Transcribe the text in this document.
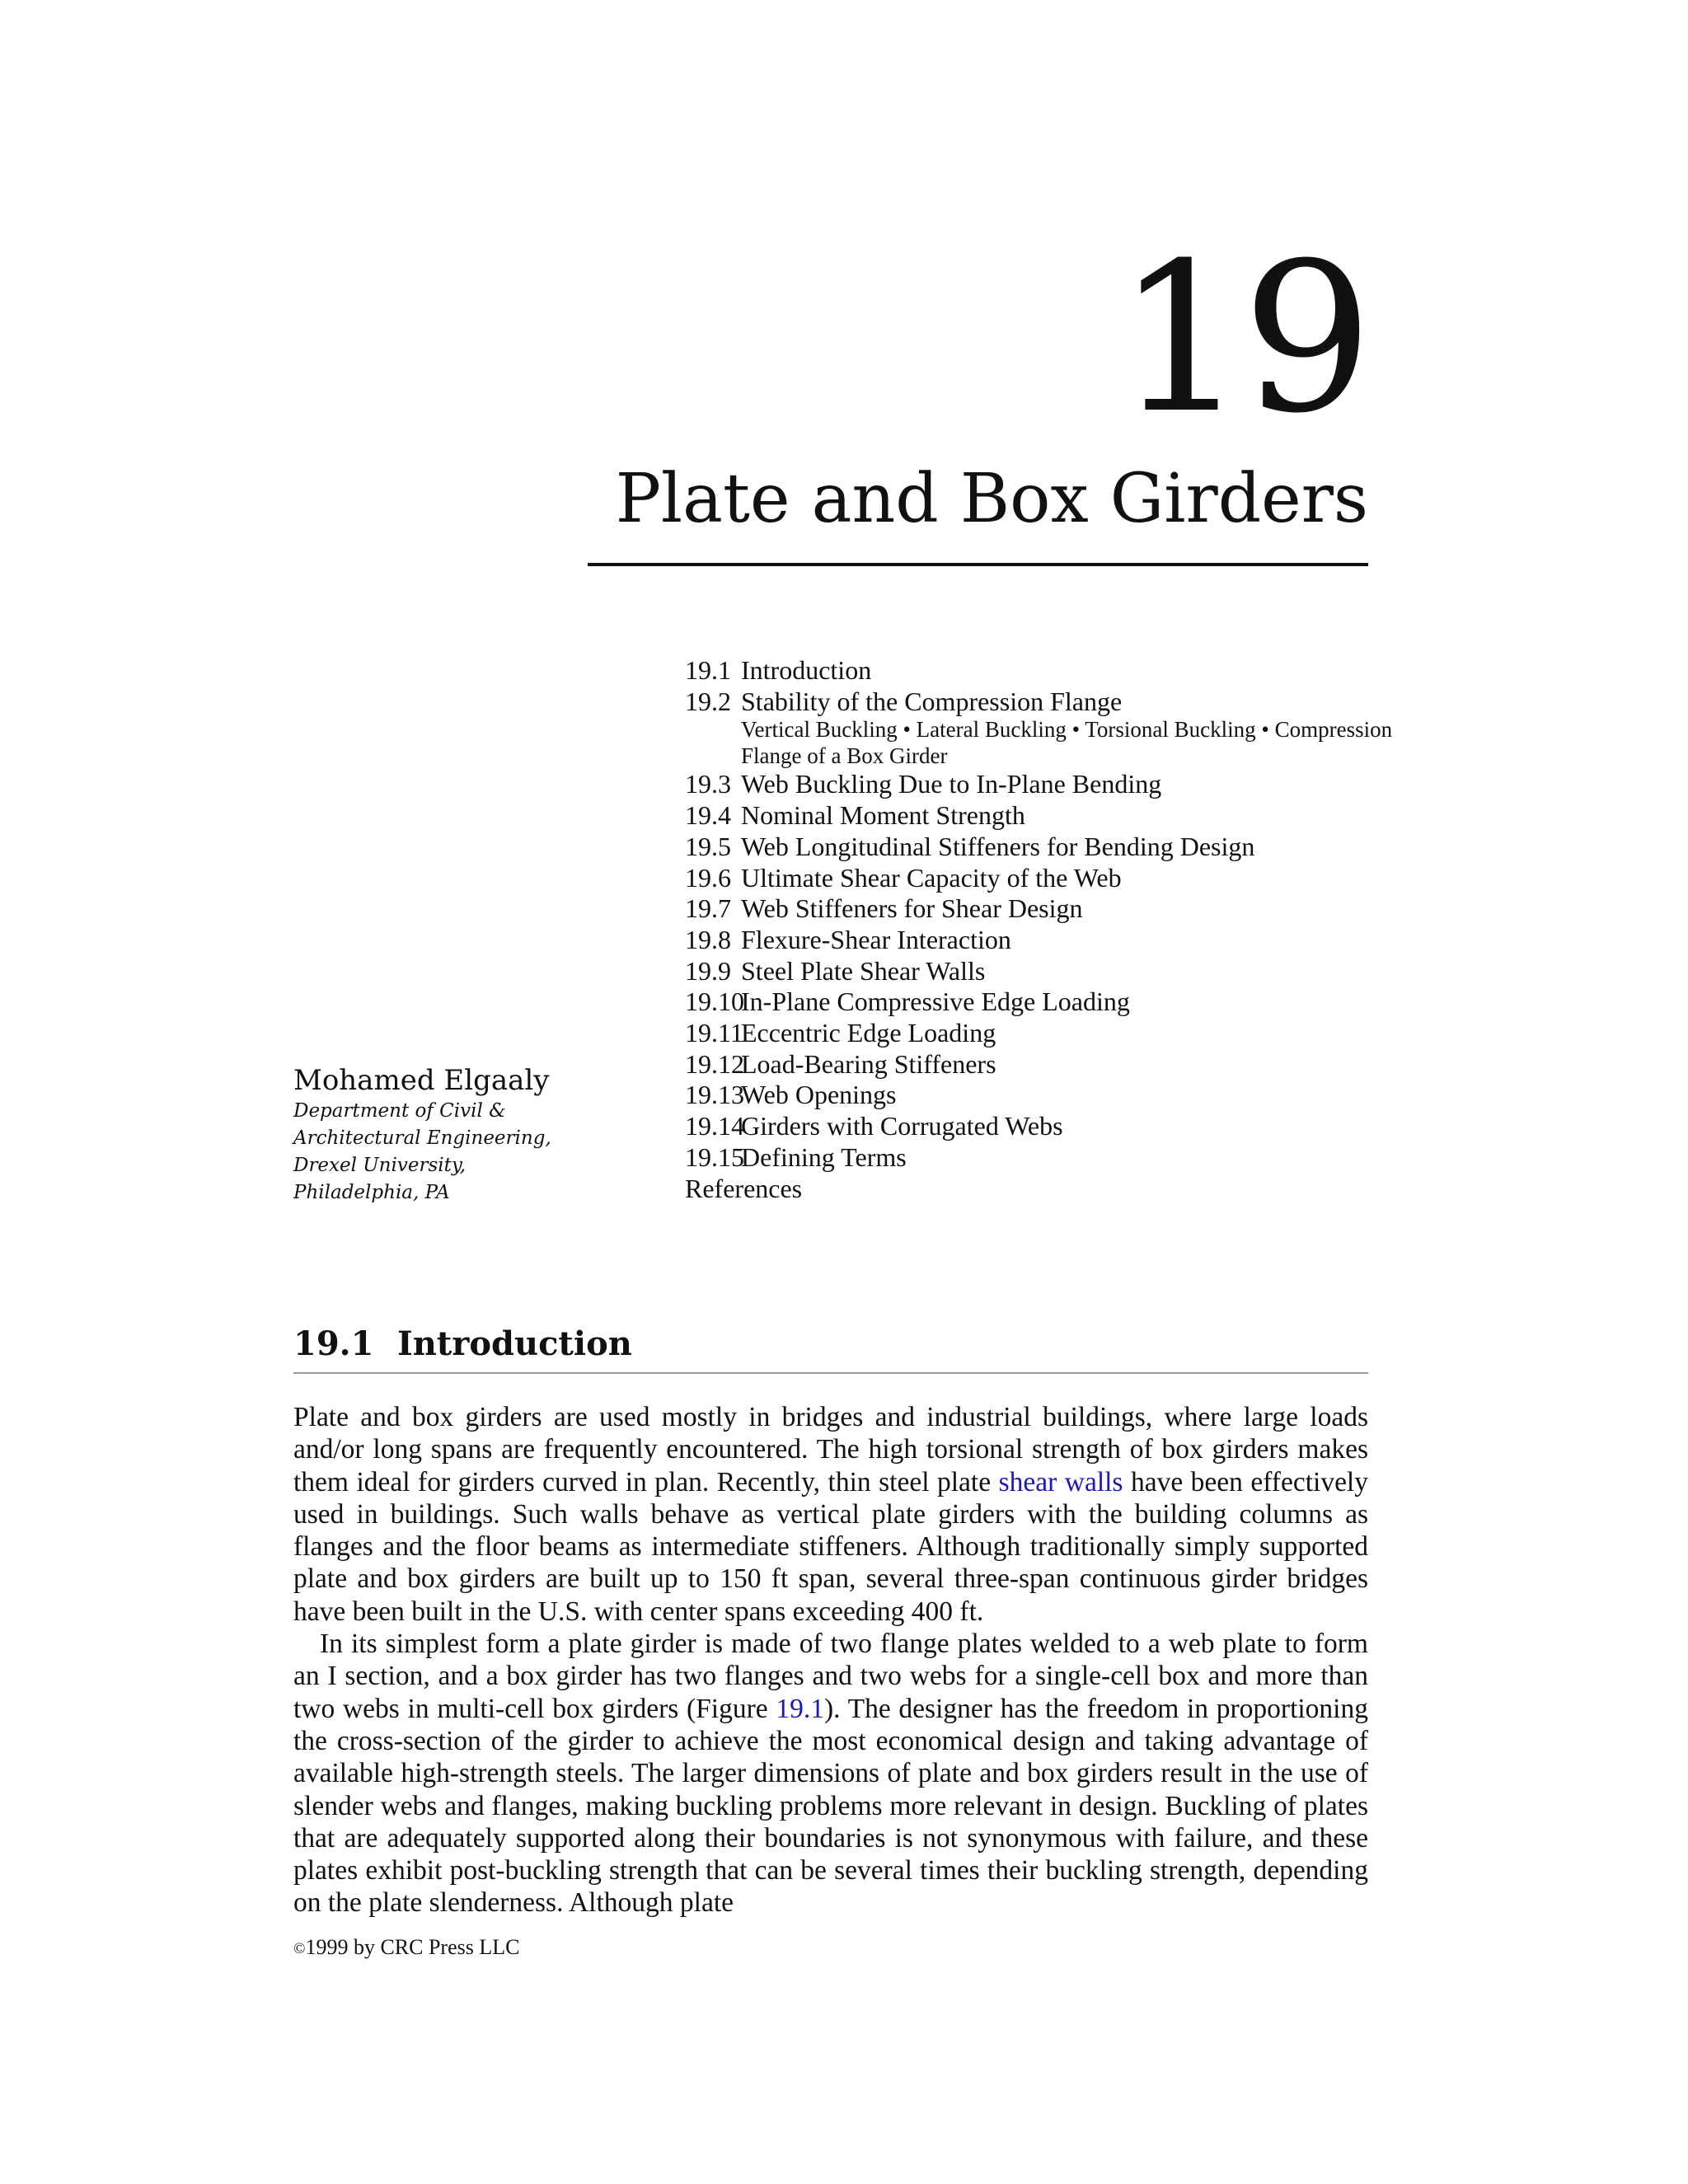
19
Plate and Box Girders
19.1 Introduction
19.2 Stability of the Compression Flange
Vertical Buckling • Lateral Buckling • Torsional Buckling • Compression Flange of a Box Girder
19.3 Web Buckling Due to In-Plane Bending
19.4 Nominal Moment Strength
19.5 Web Longitudinal Stiffeners for Bending Design
19.6 Ultimate Shear Capacity of the Web
19.7 Web Stiffeners for Shear Design
19.8 Flexure-Shear Interaction
19.9 Steel Plate Shear Walls
19.10
In-Plane Compressive Edge Loading
19.11
Eccentric Edge Loading
19.12
Load-Bearing Stiffeners
19.13
Web Openings
19.14
Girders with Corrugated Webs
19.15
Defining Terms
References
Mohamed Elgaaly
Department of Civil &
Architectural Engineering,
Drexel University,
Philadelphia, PA
19.1 Introduction

Plate and box girders are used mostly in bridges and industrial buildings, where large loads and/or long spans are frequently encountered. The high torsional strength of box girders makes them ideal for girders curved in plan. Recently, thin steel plate shear walls have been effectively used in buildings. Such walls behave as vertical plate girders with the building columns as flanges and the floor beams as intermediate stiffeners. Although traditionally simply supported plate and box girders are built up to 150 ft span, several three-span continuous girder bridges have been built in the U.S. with center spans exceeding 400 ft.

In its simplest form a plate girder is made of two flange plates welded to a web plate to form an I section, and a box girder has two flanges and two webs for a single-cell box and more than two webs in multi-cell box girders (Figure 19.1). The designer has the freedom in proportioning the cross-section of the girder to achieve the most economical design and taking advantage of available high-strength steels. The larger dimensions of plate and box girders result in the use of slender webs and flanges, making buckling problems more relevant in design. Buckling of plates that are adequately supported along their boundaries is not synonymous with failure, and these plates exhibit post-buckling strength that can be several times their buckling strength, depending on the plate slenderness. Although plate

©1999 by CRC Press LLC
